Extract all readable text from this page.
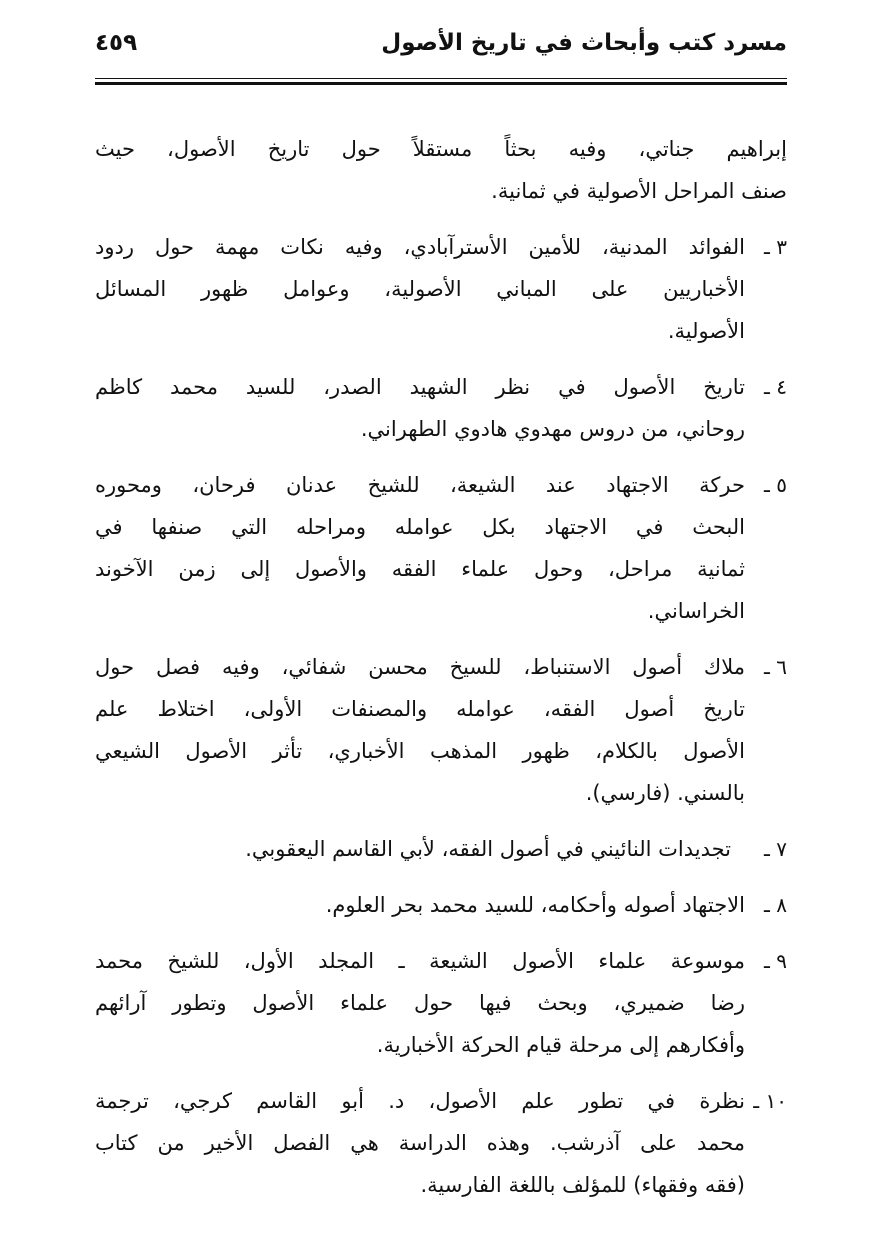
مسرد كتب وأبحاث في تاريخ الأصول
٤٥٩
إبراهيم جناتي، وفيه بحثاً مستقلاً حول تاريخ الأصول، حيث
صنف المراحل الأصولية في ثمانية.
٣ ـ
الفوائد المدنية، للأمين الأسترآبادي، وفيه نكات مهمة حول ردود
الأخباريين على المباني الأصولية، وعوامل ظهور المسائل
الأصولية.
٤ ـ
تاريخ الأصول في نظر الشهيد الصدر، للسيد محمد كاظم
روحاني، من دروس مهدوي هادوي الطهراني.
٥ ـ
حركة الاجتهاد عند الشيعة، للشيخ عدنان فرحان، ومحوره
البحث في الاجتهاد بكل عوامله ومراحله التي صنفها في
ثمانية مراحل، وحول علماء الفقه والأصول إلى زمن الآخوند
الخراساني.
٦ ـ
ملاك أصول الاستنباط، للسيخ محسن شفائي، وفيه فصل حول
تاريخ أصول الفقه، عوامله والمصنفات الأولى، اختلاط علم
الأصول بالكلام، ظهور المذهب الأخباري، تأثر الأصول الشيعي
بالسني. (فارسي).
٧ ـ
تجديدات النائيني في أصول الفقه، لأبي القاسم اليعقوبي.
٨ ـ
الاجتهاد أصوله وأحكامه، للسيد محمد بحر العلوم.
٩ ـ
موسوعة علماء الأصول الشيعة ـ المجلد الأول، للشيخ محمد
رضا ضميري، وبحث فيها حول علماء الأصول وتطور آرائهم
وأفكارهم إلى مرحلة قيام الحركة الأخبارية.
١٠ ـ
نظرة في تطور علم الأصول، د. أبو القاسم كرجي، ترجمة
محمد على آذرشب. وهذه الدراسة هي الفصل الأخير من كتاب
(فقه وفقهاء) للمؤلف باللغة الفارسية.
